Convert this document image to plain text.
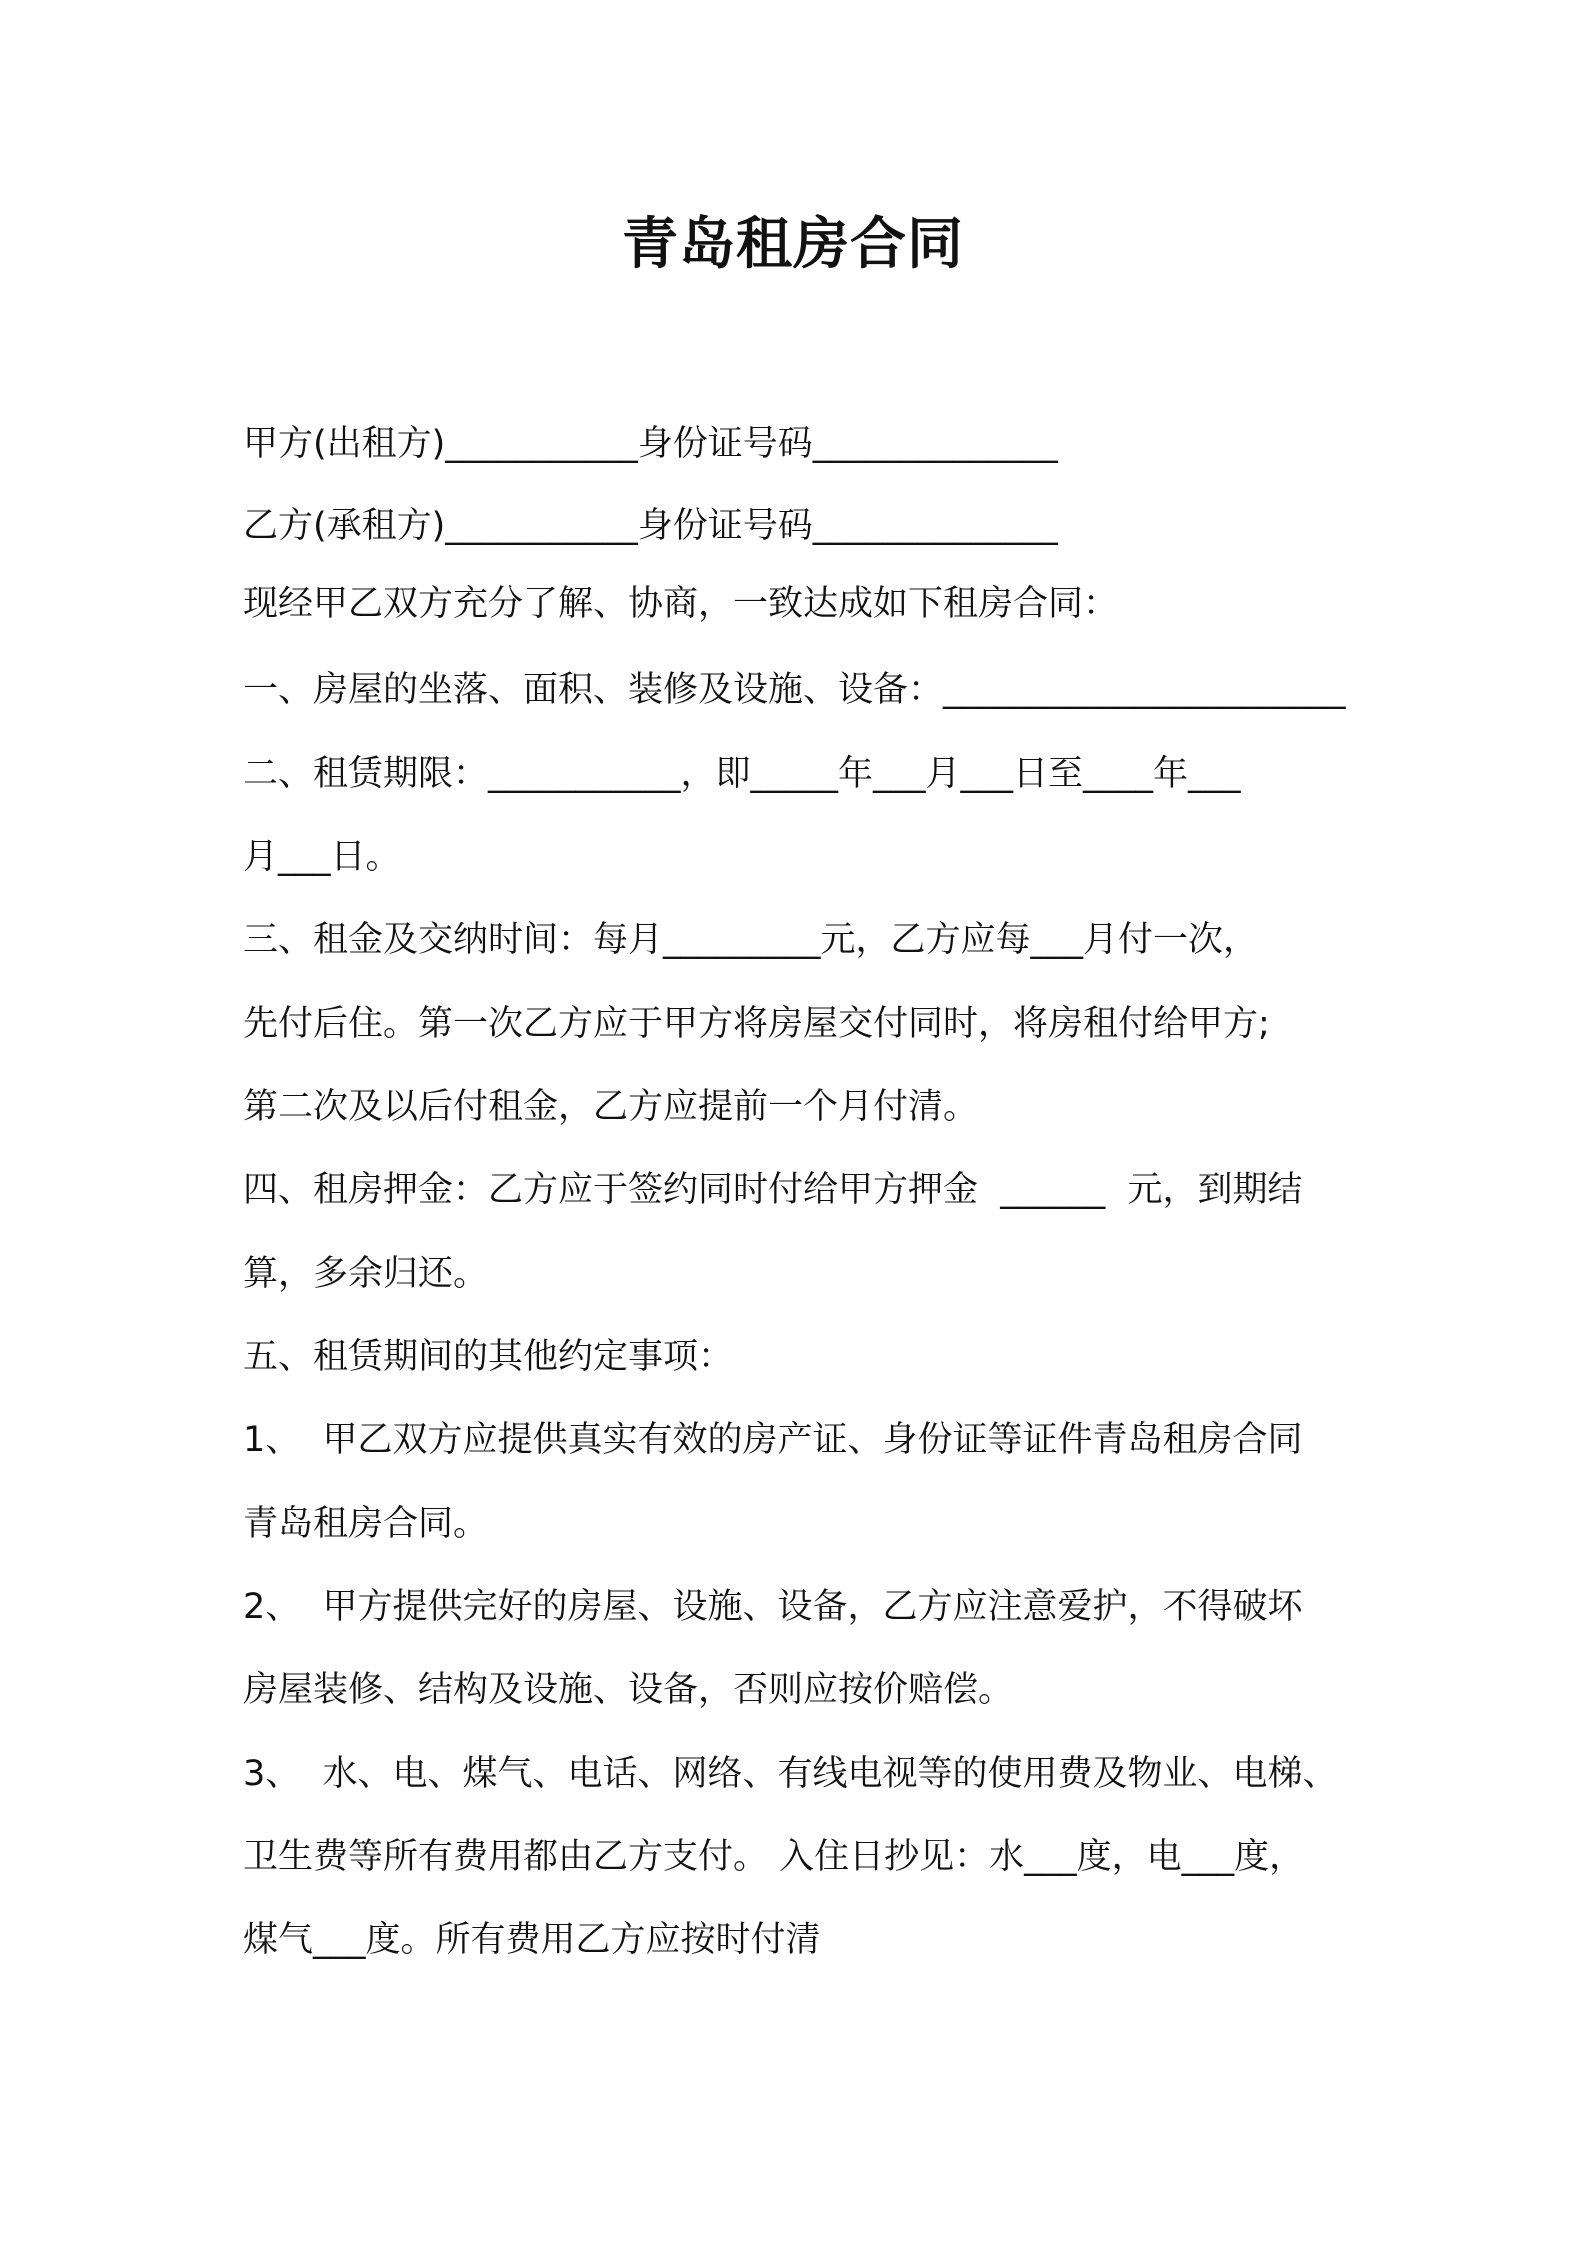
青岛租房合同
甲方(出租方)___________身份证号码______________
乙方(承租方)___________身份证号码______________
现经甲乙双方充分了解、协商，一致达成如下租房合同：
一、房屋的坐落、面积、装修及设施、设备：_______________________
二、租赁期限：___________，即_____年___月___日至____年___
月___日。
三、租金及交纳时间：每月_________元，乙方应每___月付一次，
先付后住。第一次乙方应于甲方将房屋交付同时，将房租付给甲方;
第二次及以后付租金，乙方应提前一个月付清。
四、租房押金：乙方应于签约同时付给甲方押金  ______  元，到期结
算，多余归还。
五、租赁期间的其他约定事项：
1、  甲乙双方应提供真实有效的房产证、身份证等证件青岛租房合同
青岛租房合同。
2、  甲方提供完好的房屋、设施、设备，乙方应注意爱护，不得破坏
房屋装修、结构及设施、设备，否则应按价赔偿。
3、  水、电、煤气、电话、网络、有线电视等的使用费及物业、电梯、
卫生费等所有费用都由乙方支付。 入住日抄见：水___度，电___度，
煤气___度。所有费用乙方应按时付清
